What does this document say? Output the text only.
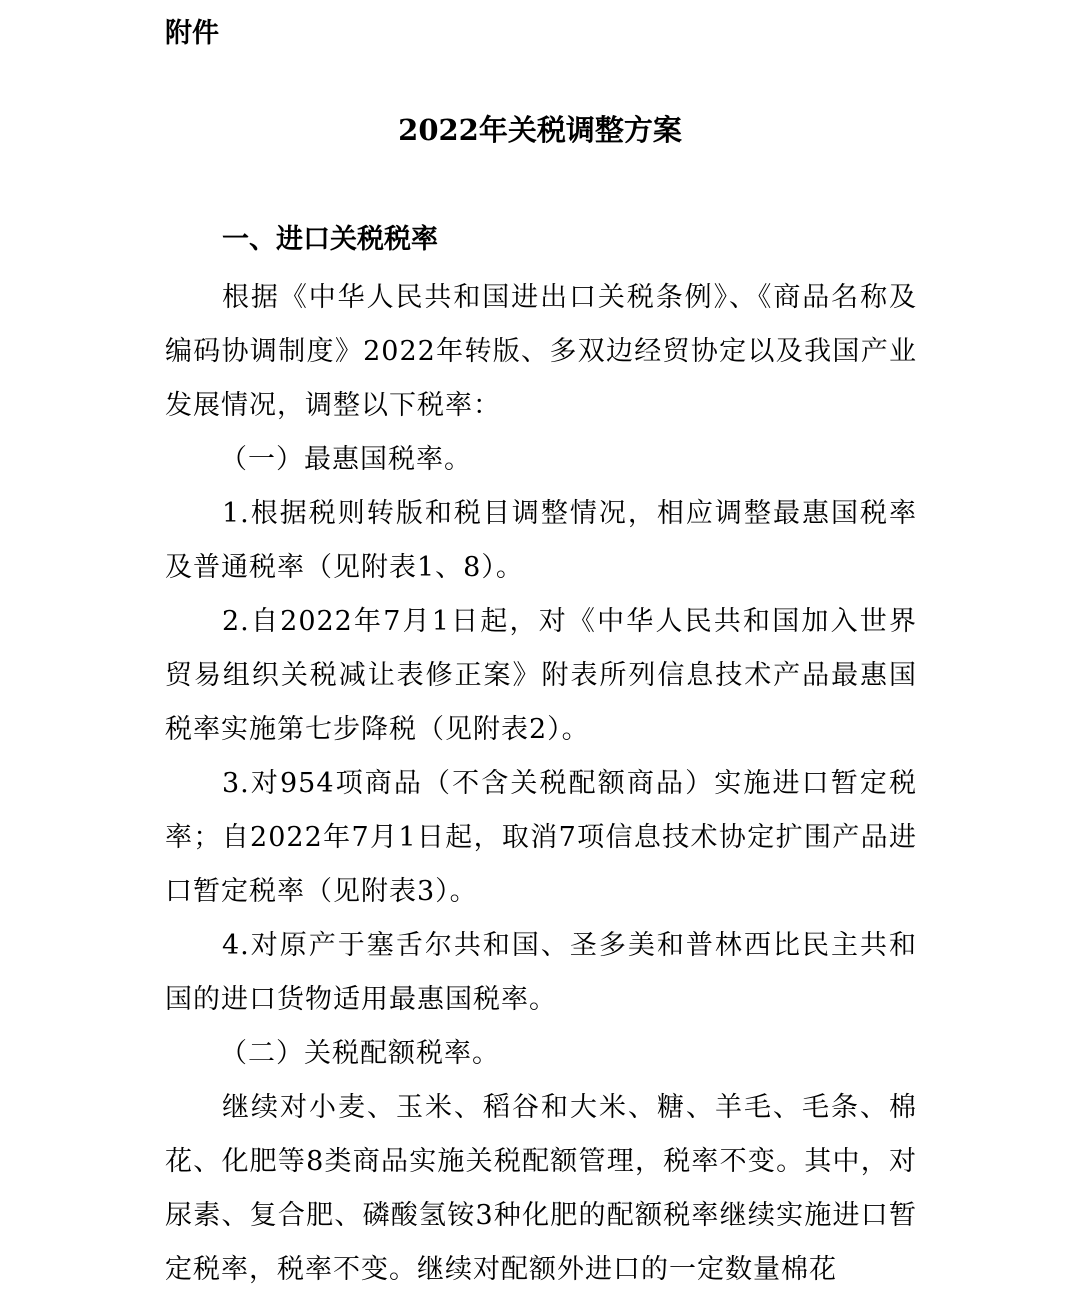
附件
2022年关税调整方案
一、进口关税税率

根据《中华人民共和国进出口关税条例》、《商品名称及编码协调制度》2022年转版、多双边经贸协定以及我国产业发展情况，调整以下税率：

（一）最惠国税率。

1.根据税则转版和税目调整情况，相应调整最惠国税率及普通税率（见附表1、8）。

2.自2022年7月1日起，对《中华人民共和国加入世界贸易组织关税减让表修正案》附表所列信息技术产品最惠国税率实施第七步降税（见附表2）。

3.对954项商品（不含关税配额商品）实施进口暂定税率；自2022年7月1日起，取消7项信息技术协定扩围产品进口暂定税率（见附表3）。

4.对原产于塞舌尔共和国、圣多美和普林西比民主共和国的进口货物适用最惠国税率。

（二）关税配额税率。

继续对小麦、玉米、稻谷和大米、糖、羊毛、毛条、棉花、化肥等8类商品实施关税配额管理，税率不变。其中，对尿素、复合肥、磷酸氢铵3种化肥的配额税率继续实施进口暂定税率，税率不变。继续对配额外进口的一定数量棉花
